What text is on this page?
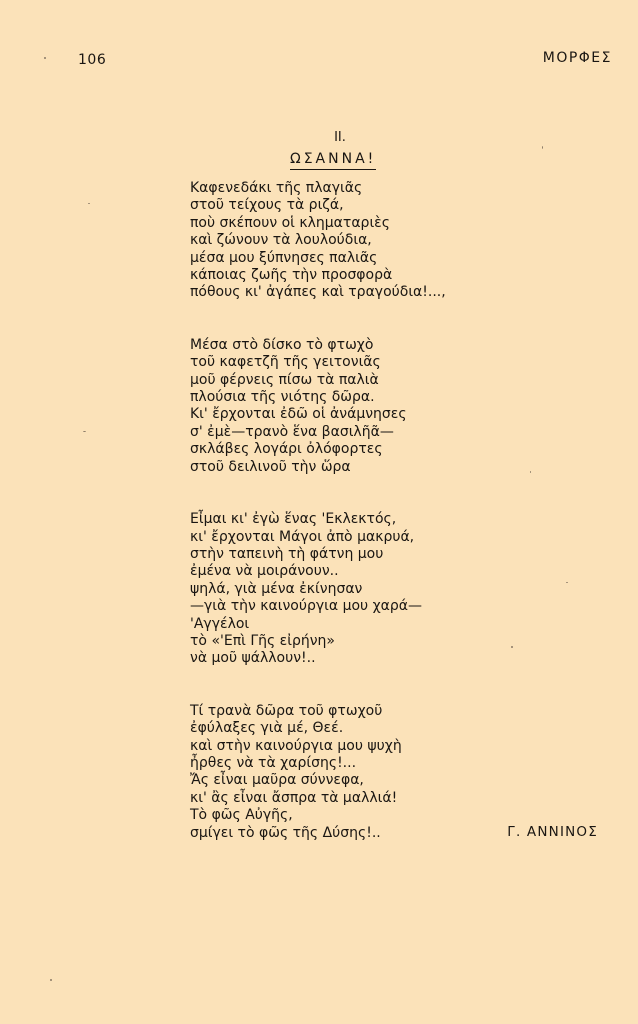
106	ΜΟΡΦΕΣ
II.
ΩΣΑΝΝΑ!
Καφενεδάκι τῆς πλαγιᾶς
στοῦ τείχους τὰ ριζά,
ποὺ σκέπουν οἱ κληματαριὲς
καὶ ζώνουν τὰ λουλούδια,
μέσα μου ξύπνησες παλιᾶς
κάποιας ζωῆς τὴν προσφορὰ
πόθους κι' ἀγάπες καὶ τραγούδια!...,
Μέσα στὸ δίσκο τὸ φτωχὸ
τοῦ καφετζῆ τῆς γειτονιᾶς
μοῦ φέρνεις πίσω τὰ παλιὰ
πλούσια τῆς νιότης δῶρα.
Κι' ἔρχονται ἐδῶ οἱ ἀνάμνησες
σ' ἐμὲ—τρανὸ ἕνα βασιλῆᾶ—
σκλάβες λογάρι ὀλόφορτες
στοῦ δειλινοῦ τὴν ὥρα
Εἶμαι κι' ἐγὼ ἕνας 'Εκλεκτός,
κι' ἔρχονται Μάγοι ἀπὸ μακρυά,
στὴν ταπεινὴ τὴ φάτνη μου
ἐμένα νὰ μοιράνουν..
ψηλά, γιὰ μένα ἐκίνησαν
—γιὰ τὴν καινούργια μου χαρά—
'Αγγέλοι
τὸ «'Επὶ Γῆς εἰρήνη»
νὰ μοῦ ψάλλουν!..
Τί τρανὰ δῶρα τοῦ φτωχοῦ
ἐφύλαξες γιὰ μέ, Θεέ.
καὶ στὴν καινούργια μου ψυχὴ
ἦρθες νὰ τὰ χαρίσης!...
Ἄς εἶναι μαῦρα σύννεφα,
κι' ἂς εἶναι ἄσπρα τὰ μαλλιά!
Τὸ φῶς Αὐγῆς,
σμίγει τὸ φῶς τῆς Δύσης!..	Γ. ΑΝΝΙΝΟΣ
